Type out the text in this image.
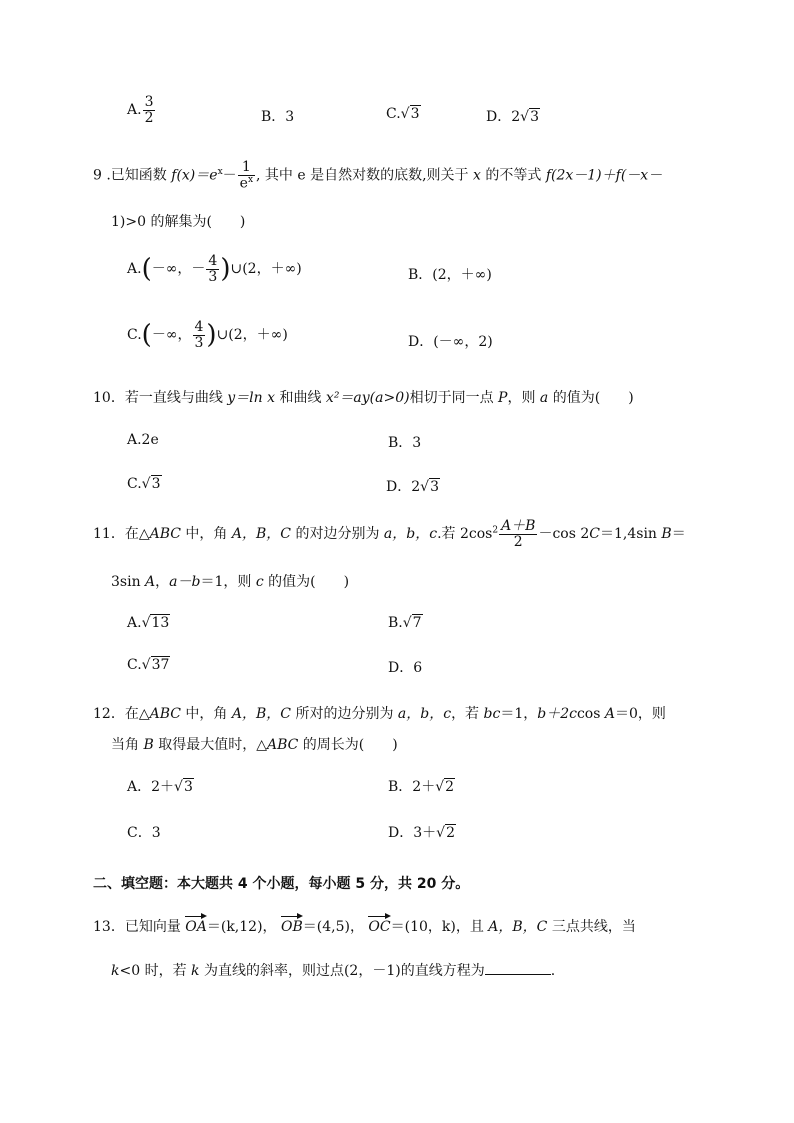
A. $\frac{3}{2}$	B．3	C.√3	D．2√3
9 .已知函数 $f(x)=e^x- \frac{1}{e^x}$ , 其中 e 是自然对数的底数,则关于 x 的不等式 f(2x－1)＋f(－x－
1)>0 的解集为(　　)
A.(－∞，－ $\frac{4}{3}$ )∪(2，＋∞)	B．(2，＋∞)
C.(－∞， $\frac{4}{3}$ )∪(2，＋∞)	D．(－∞，2)
10．若一直线与曲线 y＝ln x 和曲线 x²＝ay(a>0)相切于同一点 P，则 a 的值为(　　)
A.2e	B．3
C.√3	D．2√3
11．在△ABC 中，角 A，B，C 的对边分别为 a，b，c.若 $2\cos^2 \frac{A+B}{2} -\cos$ 2C＝1,4sin B＝
3sin A，a－b＝1，则 c 的值为(　　)
A.√13	B.√7
C.√37	D．6
12．在△ABC 中，角 A，B，C 所对的边分别为 a，b，c，若 bc＝1，b＋2ccos A＝0，则
当角 B 取得最大值时，△ABC 的周长为(　　)
A．2＋√3	B．2＋√2
C．3	D．3＋√2
二、填空题：本大题共 4 个小题，每小题 5 分，共 20 分。
13．已知向量 OA＝(k,12)， OB＝(4,5)， OC＝(10，k)，且 A，B，C 三点共线，当
k<0 时，若 k 为直线的斜率，则过点(2，－1)的直线方程为	.
